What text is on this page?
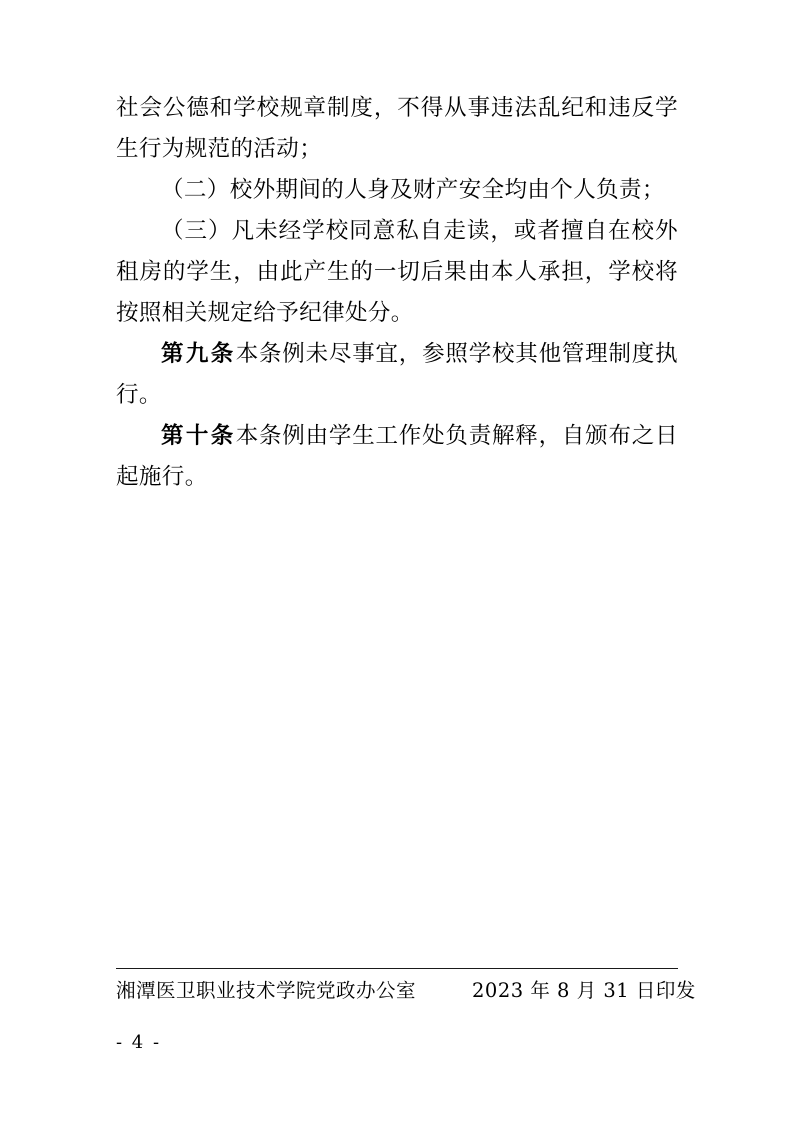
社会公德和学校规章制度，不得从事违法乱纪和违反学生行为规范的活动；

（二）校外期间的人身及财产安全均由个人负责；

（三）凡未经学校同意私自走读，或者擅自在校外租房的学生，由此产生的一切后果由本人承担，学校将按照相关规定给予纪律处分。

第九条本条例未尽事宜，参照学校其他管理制度执行。

第十条本条例由学生工作处负责解释，自颁布之日起施行。

湘潭医卫职业技术学院党政办公室	2023 年 8 月 31 日印发
- 4 -
